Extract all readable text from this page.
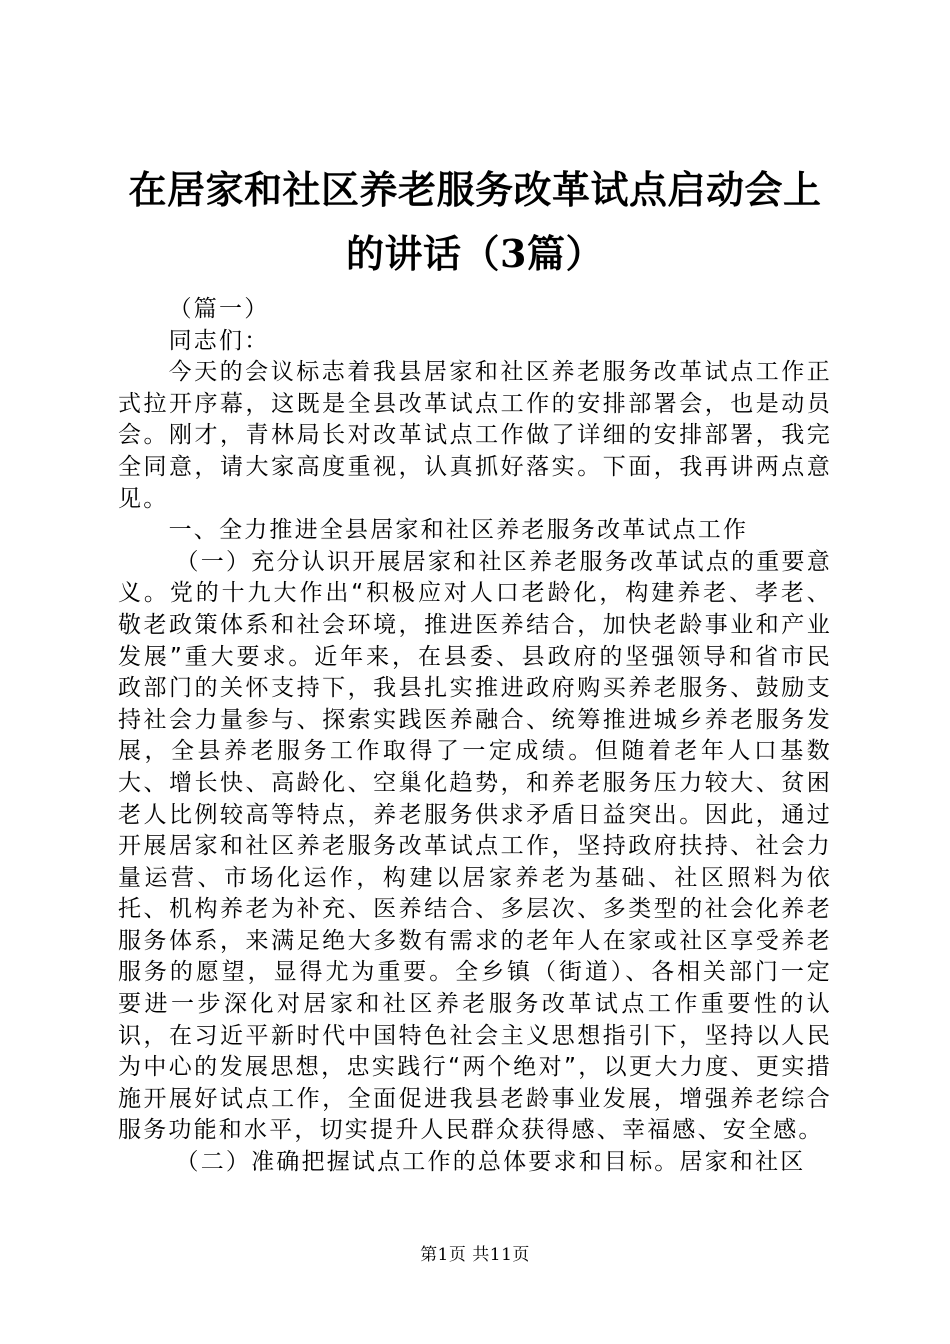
在居家和社区养老服务改革试点启动会上的讲话（3篇）

（篇一）

同志们：

今天的会议标志着我县居家和社区养老服务改革试点工作正式拉开序幕，这既是全县改革试点工作的安排部署会，也是动员会。刚才，青林局长对改革试点工作做了详细的安排部署，我完全同意，请大家高度重视，认真抓好落实。下面，我再讲两点意见。

一、全力推进全县居家和社区养老服务改革试点工作

（一）充分认识开展居家和社区养老服务改革试点的重要意义。党的十九大作出“积极应对人口老龄化，构建养老、孝老、敬老政策体系和社会环境，推进医养结合，加快老龄事业和产业发展”重大要求。近年来，在县委、县政府的坚强领导和省市民政部门的关怀支持下，我县扎实推进政府购买养老服务、鼓励支持社会力量参与、探索实践医养融合、统筹推进城乡养老服务发展，全县养老服务工作取得了一定成绩。但随着老年人口基数大、增长快、高龄化、空巢化趋势，和养老服务压力较大、贫困老人比例较高等特点，养老服务供求矛盾日益突出。因此，通过开展居家和社区养老服务改革试点工作，坚持政府扶持、社会力量运营、市场化运作，构建以居家养老为基础、社区照料为依托、机构养老为补充、医养结合、多层次、多类型的社会化养老服务体系，来满足绝大多数有需求的老年人在家或社区享受养老服务的愿望，显得尤为重要。全乡镇（街道）、各相关部门一定要进一步深化对居家和社区养老服务改革试点工作重要性的认识，在习近平新时代中国特色社会主义思想指引下，坚持以人民为中心的发展思想，忠实践行“两个绝对”，以更大力度、更实措施开展好试点工作，全面促进我县老龄事业发展，增强养老综合服务功能和水平，切实提升人民群众获得感、幸福感、安全感。

（二）准确把握试点工作的总体要求和目标。居家和社区

第1页 共11页
